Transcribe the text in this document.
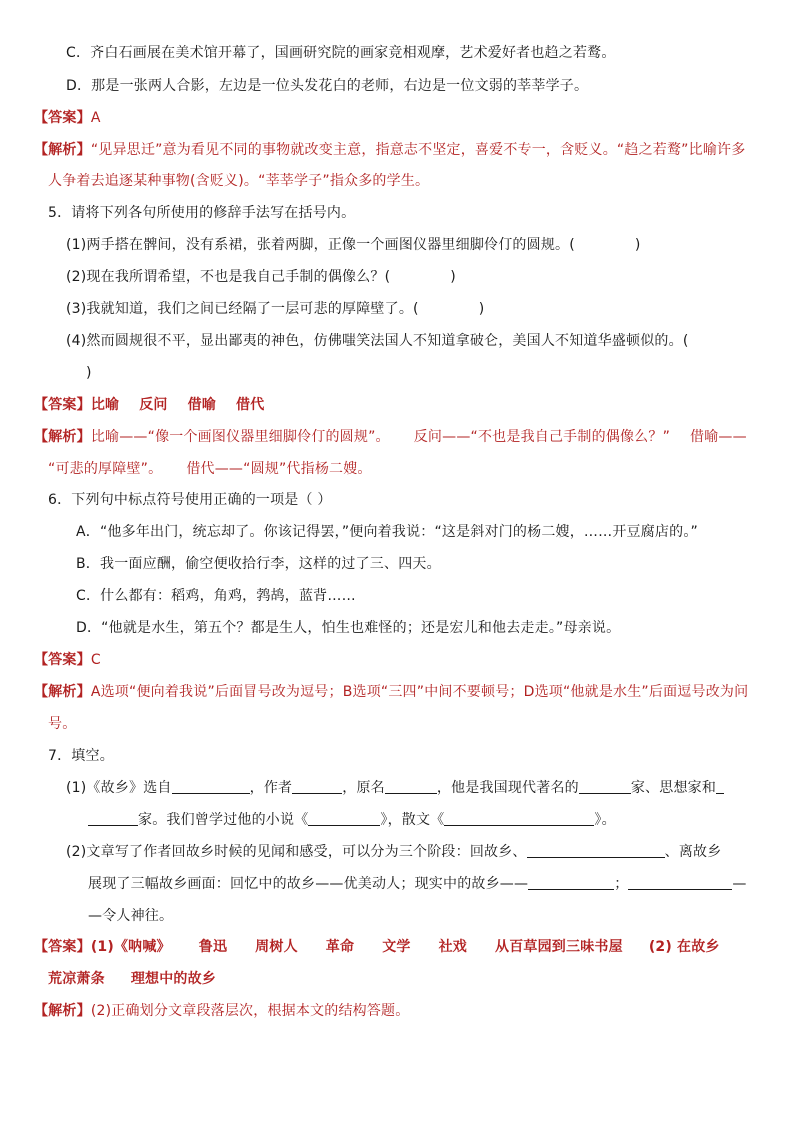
C．齐白石画展在美术馆开幕了，国画研究院的画家竞相观摩，艺术爱好者也趋之若鹜。
D．那是一张两人合影，左边是一位头发花白的老师，右边是一位文弱的莘莘学子。
【答案】A
【解析】“见异思迁”意为看见不同的事物就改变主意，指意志不坚定，喜爱不专一，含贬义。“趋之若鹜”比喻许多
人争着去追逐某种事物(含贬义)。“莘莘学子”指众多的学生。
5．请将下列各句所使用的修辞手法写在括号内。
(1)两手搭在髀间，没有系裙，张着两脚，正像一个画图仪器里细脚伶仃的圆规。(	)
(2)现在我所谓希望，不也是我自己手制的偶像么？(	)
(3)我就知道，我们之间已经隔了一层可悲的厚障壁了。(	)
(4)然而圆规很不平，显出鄙夷的神色，仿佛嗤笑法国人不知道拿破仑，美国人不知道华盛顿似的。(
)
【答案】比喻 反问 借喻 借代
【解析】比喻——“像一个画图仪器里细脚伶仃的圆规”。 反问——“不也是我自己手制的偶像么？” 借喻——
“可悲的厚障壁”。 借代——“圆规”代指杨二嫂。
6．下列句中标点符号使用正确的一项是（ ）
A．“他多年出门，统忘却了。你该记得罢，”便向着我说：“这是斜对门的杨二嫂，……开豆腐店的。”
B．我一面应酬，偷空便收拾行李，这样的过了三、四天。
C．什么都有：稻鸡，角鸡，鹁鸪，蓝背……
D．“他就是水生，第五个？都是生人，怕生也难怪的；还是宏儿和他去走走。”母亲说。
【答案】C
【解析】A选项“便向着我说”后面冒号改为逗号；B选项“三四”中间不要顿号；D选项“他就是水生”后面逗号改为问
号。
7．填空。
(1)《故乡》选自	，作者	，原名	，他是我国现代著名的	家、思想家和
家。我们曾学过他的小说《	》，散文《	》。
(2)文章写了作者回故乡时候的见闻和感受，可以分为三个阶段：回故乡、	、离故乡
展现了三幅故乡画面：回忆中的故乡——优美动人；现实中的故乡——	；	—
—令人神往。
【答案】(1)《呐喊》 鲁迅 周树人 革命 文学 社戏 从百草园到三味书屋 (2) 在故乡
荒凉萧条 理想中的故乡
【解析】(2)正确划分文章段落层次，根据本文的结构答题。
